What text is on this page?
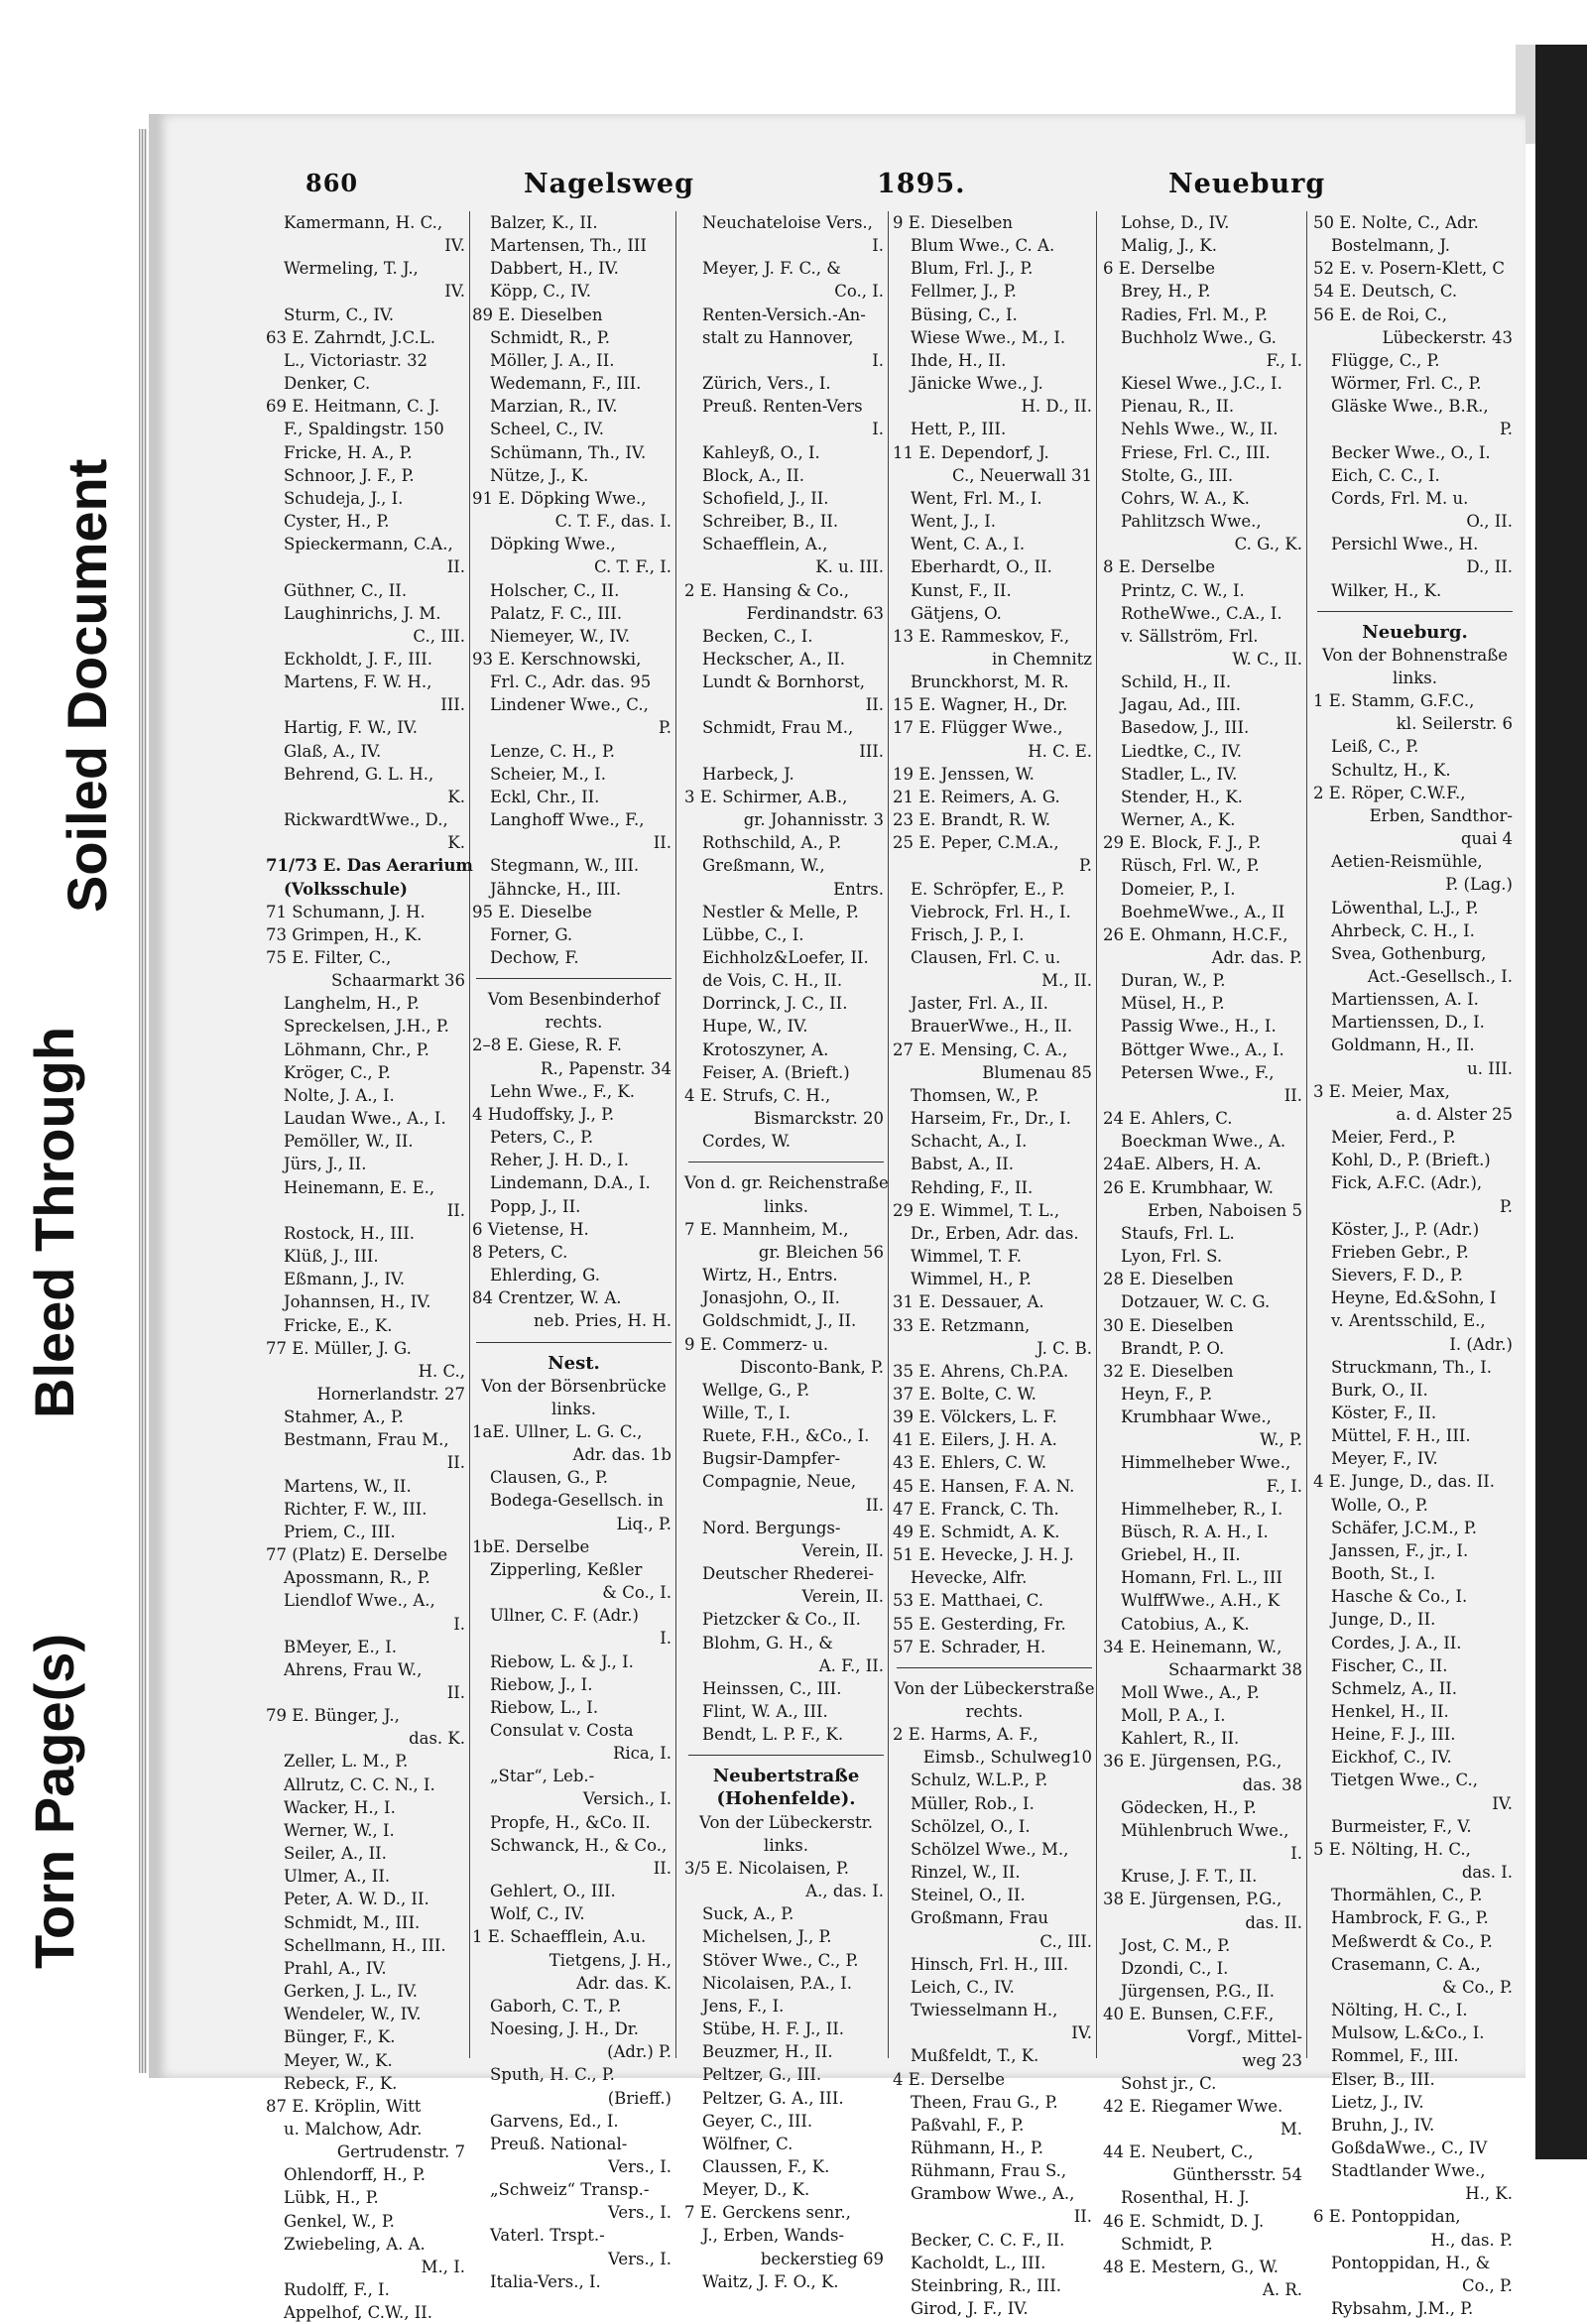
Torn Page(s)
Bleed Through
Soiled Document
860	Nagelsweg	1895.	Neueburg
Kamermann, H. C.,
IV.
Wermeling, T. J.,
IV.
Sturm, C., IV.
63 E. Zahrndt, J.C.L.
L., Victoriastr. 32
Denker, C.
69 E. Heitmann, C. J.
F., Spaldingstr. 150
Fricke, H. A., P.
Schnoor, J. F., P.
Schudeja, J., I.
Cyster, H., P.
Spieckermann, C.A.,
II.
Güthner, C., II.
Laughinrichs, J. M.
C., III.
Eckholdt, J. F., III.
Martens, F. W. H.,
III.
Hartig, F. W., IV.
Glaß, A., IV.
Behrend, G. L. H.,
K.
RickwardtWwe., D.,
K.
71/73 E. Das Aerarium
(Volksschule)
71 Schumann, J. H.
73 Grimpen, H., K.
75 E. Filter, C.,
Schaarmarkt 36
Langhelm, H., P.
Spreckelsen, J.H., P.
Löhmann, Chr., P.
Kröger, C., P.
Nolte, J. A., I.
Laudan Wwe., A., I.
Pemöller, W., II.
Jürs, J., II.
Heinemann, E. E.,
II.
Rostock, H., III.
Klüß, J., III.
Eßmann, J., IV.
Johannsen, H., IV.
Fricke, E., K.
77 E. Müller, J. G.
H. C.,
Hornerlandstr. 27
Stahmer, A., P.
Bestmann, Frau M.,
II.
Martens, W., II.
Richter, F. W., III.
Priem, C., III.
77 (Platz) E. Derselbe
Apossmann, R., P.
Liendlof Wwe., A.,
I.
BMeyer, E., I.
Ahrens, Frau W.,
II.
79 E. Bünger, J.,
das. K.
Zeller, L. M., P.
Allrutz, C. C. N., I.
Wacker, H., I.
Werner, W., I.
Seiler, A., II.
Ulmer, A., II.
Peter, A. W. D., II.
Schmidt, M., III.
Schellmann, H., III.
Prahl, A., IV.
Gerken, J. L., IV.
Wendeler, W., IV.
Bünger, F., K.
Meyer, W., K.
Rebeck, F., K.
87 E. Kröplin, Witt
u. Malchow, Adr.
Gertrudenstr. 7
Ohlendorff, H., P.
Lübk, H., P.
Genkel, W., P.
Zwiebeling, A. A.
M., I.
Rudolff, F., I.
Appelhof, C.W., II.
Balzer, K., II.
Martensen, Th., III
Dabbert, H., IV.
Köpp, C., IV.
89 E. Dieselben
Schmidt, R., P.
Möller, J. A., II.
Wedemann, F., III.
Marzian, R., IV.
Scheel, C., IV.
Schümann, Th., IV.
Nütze, J., K.
91 E. Döpking Wwe.,
C. T. F., das. I.
Döpking Wwe.,
C. T. F., I.
Holscher, C., II.
Palatz, F. C., III.
Niemeyer, W., IV.
93 E. Kerschnowski,
Frl. C., Adr. das. 95
Lindener Wwe., C.,
P.
Lenze, C. H., P.
Scheier, M., I.
Eckl, Chr., II.
Langhoff Wwe., F.,
II.
Stegmann, W., III.
Jähncke, H., III.
95 E. Dieselbe
Forner, G.
Dechow, F.
Vom Besenbinderhof
rechts.
2–8 E. Giese, R. F.
R., Papenstr. 34
Lehn Wwe., F., K.
4 Hudoffsky, J., P.
Peters, C., P.
Reher, J. H. D., I.
Lindemann, D.A., I.
Popp, J., II.
6 Vietense, H.
8 Peters, C.
Ehlerding, G.
84 Crentzer, W. A.
neb. Pries, H. H.
Nest.
Von der Börsenbrücke
links.
1aE. Ullner, L. G. C.,
Adr. das. 1b
Clausen, G., P.
Bodega-Gesellsch. in
Liq., P.
1bE. Derselbe
Zipperling, Keßler
& Co., I.
Ullner, C. F. (Adr.)
I.
Riebow, L. & J., I.
Riebow, J., I.
Riebow, L., I.
Consulat v. Costa
Rica, I.
„Star“, Leb.-
Versich., I.
Propfe, H., &Co. II.
Schwanck, H., & Co.,
II.
Gehlert, O., III.
Wolf, C., IV.
1 E. Schaefflein, A.u.
Tietgens, J. H.,
Adr. das. K.
Gaborh, C. T., P.
Noesing, J. H., Dr.
(Adr.) P.
Sputh, H. C., P.
(Brieff.)
Garvens, Ed., I.
Preuß. National-
Vers., I.
„Schweiz“ Transp.-
Vers., I.
Vaterl. Trspt.-
Vers., I.
Italia-Vers., I.
Neuchateloise Vers.,
I.
Meyer, J. F. C., &
Co., I.
Renten-Versich.-An-
stalt zu Hannover,
I.
Zürich, Vers., I.
Preuß. Renten-Vers
I.
Kahleyß, O., I.
Block, A., II.
Schofield, J., II.
Schreiber, B., II.
Schaefflein, A.,
K. u. III.
2 E. Hansing & Co.,
Ferdinandstr. 63
Becken, C., I.
Heckscher, A., II.
Lundt & Bornhorst,
II.
Schmidt, Frau M.,
III.
Harbeck, J.
3 E. Schirmer, A.B.,
gr. Johannisstr. 3
Rothschild, A., P.
Greßmann, W.,
Entrs.
Nestler & Melle, P.
Lübbe, C., I.
Eichholz&Loefer, II.
de Vois, C. H., II.
Dorrinck, J. C., II.
Hupe, W., IV.
Krotoszyner, A.
Feiser, A. (Brieft.)
4 E. Strufs, C. H.,
Bismarckstr. 20
Cordes, W.
Von d. gr. Reichenstraße
links.
7 E. Mannheim, M.,
gr. Bleichen 56
Wirtz, H., Entrs.
Jonasjohn, O., II.
Goldschmidt, J., II.
9 E. Commerz- u.
Disconto-Bank, P.
Wellge, G., P.
Wille, T., I.
Ruete, F.H., &Co., I.
Bugsir-Dampfer-
Compagnie, Neue,
II.
Nord. Bergungs-
Verein, II.
Deutscher Rhederei-
Verein, II.
Pietzcker & Co., II.
Blohm, G. H., &
A. F., II.
Heinssen, C., III.
Flint, W. A., III.
Bendt, L. P. F., K.
Neubertstraße
(Hohenfelde).
Von der Lübeckerstr.
links.
3/5 E. Nicolaisen, P.
A., das. I.
Suck, A., P.
Michelsen, J., P.
Stöver Wwe., C., P.
Nicolaisen, P.A., I.
Jens, F., I.
Stübe, H. F. J., II.
Beuzmer, H., II.
Peltzer, G., III.
Peltzer, G. A., III.
Geyer, C., III.
Wölfner, C.
Claussen, F., K.
Meyer, D., K.
7 E. Gerckens senr.,
J., Erben, Wands-
beckerstieg 69
Waitz, J. F. O., K.
9 E. Dieselben
Blum Wwe., C. A.
Blum, Frl. J., P.
Fellmer, J., P.
Büsing, C., I.
Wiese Wwe., M., I.
Ihde, H., II.
Jänicke Wwe., J.
H. D., II.
Hett, P., III.
11 E. Dependorf, J.
C., Neuerwall 31
Went, Frl. M., I.
Went, J., I.
Went, C. A., I.
Eberhardt, O., II.
Kunst, F., II.
Gätjens, O.
13 E. Rammeskov, F.,
in Chemnitz
Brunckhorst, M. R.
15 E. Wagner, H., Dr.
17 E. Flügger Wwe.,
H. C. E.
19 E. Jenssen, W.
21 E. Reimers, A. G.
23 E. Brandt, R. W.
25 E. Peper, C.M.A.,
P.
E. Schröpfer, E., P.
Viebrock, Frl. H., I.
Frisch, J. P., I.
Clausen, Frl. C. u.
M., II.
Jaster, Frl. A., II.
BrauerWwe., H., II.
27 E. Mensing, C. A.,
Blumenau 85
Thomsen, W., P.
Harseim, Fr., Dr., I.
Schacht, A., I.
Babst, A., II.
Rehding, F., II.
29 E. Wimmel, T. L.,
Dr., Erben, Adr. das.
Wimmel, T. F.
Wimmel, H., P.
31 E. Dessauer, A.
33 E. Retzmann,
J. C. B.
35 E. Ahrens, Ch.P.A.
37 E. Bolte, C. W.
39 E. Völckers, L. F.
41 E. Eilers, J. H. A.
43 E. Ehlers, C. W.
45 E. Hansen, F. A. N.
47 E. Franck, C. Th.
49 E. Schmidt, A. K.
51 E. Hevecke, J. H. J.
Hevecke, Alfr.
53 E. Matthaei, C.
55 E. Gesterding, Fr.
57 E. Schrader, H.
Von der Lübeckerstraße
rechts.
2 E. Harms, A. F.,
Eimsb., Schulweg10
Schulz, W.L.P., P.
Müller, Rob., I.
Schölzel, O., I.
Schölzel Wwe., M.,
Rinzel, W., II.
Steinel, O., II.
Großmann, Frau
C., III.
Hinsch, Frl. H., III.
Leich, C., IV.
Twiesselmann H.,
IV.
Mußfeldt, T., K.
4 E. Derselbe
Theen, Frau G., P.
Paßvahl, F., P.
Rühmann, H., P.
Rühmann, Frau S.,
Grambow Wwe., A.,
II.
Becker, C. C. F., II.
Kacholdt, L., III.
Steinbring, R., III.
Girod, J. F., IV.
Lohse, D., IV.
Malig, J., K.
6 E. Derselbe
Brey, H., P.
Radies, Frl. M., P.
Buchholz Wwe., G.
F., I.
Kiesel Wwe., J.C., I.
Pienau, R., II.
Nehls Wwe., W., II.
Friese, Frl. C., III.
Stolte, G., III.
Cohrs, W. A., K.
Pahlitzsch Wwe.,
C. G., K.
8 E. Derselbe
Printz, C. W., I.
RotheWwe., C.A., I.
v. Sällström, Frl.
W. C., II.
Schild, H., II.
Jagau, Ad., III.
Basedow, J., III.
Liedtke, C., IV.
Stadler, L., IV.
Stender, H., K.
Werner, A., K.
29 E. Block, F. J., P.
Rüsch, Frl. W., P.
Domeier, P., I.
BoehmeWwe., A., II
26 E. Ohmann, H.C.F.,
Adr. das. P.
Duran, W., P.
Müsel, H., P.
Passig Wwe., H., I.
Böttger Wwe., A., I.
Petersen Wwe., F.,
II.
24 E. Ahlers, C.
Boeckman Wwe., A.
24aE. Albers, H. A.
26 E. Krumbhaar, W.
Erben, Naboisen 5
Staufs, Frl. L.
Lyon, Frl. S.
28 E. Dieselben
Dotzauer, W. C. G.
30 E. Dieselben
Brandt, P. O.
32 E. Dieselben
Heyn, F., P.
Krumbhaar Wwe.,
W., P.
Himmelheber Wwe.,
F., I.
Himmelheber, R., I.
Büsch, R. A. H., I.
Griebel, H., II.
Homann, Frl. L., III
WulffWwe., A.H., K
Catobius, A., K.
34 E. Heinemann, W.,
Schaarmarkt 38
Moll Wwe., A., P.
Moll, P. A., I.
Kahlert, R., II.
36 E. Jürgensen, P.G.,
das. 38
Gödecken, H., P.
Mühlenbruch Wwe.,
I.
Kruse, J. F. T., II.
38 E. Jürgensen, P.G.,
das. II.
Jost, C. M., P.
Dzondi, C., I.
Jürgensen, P.G., II.
40 E. Bunsen, C.F.F.,
Vorgf., Mittel-
weg 23
Sohst jr., C.
42 E. Riegamer Wwe.
M.
44 E. Neubert, C.,
Günthersstr. 54
Rosenthal, H. J.
46 E. Schmidt, D. J.
Schmidt, P.
48 E. Mestern, G., W.
A. R.
50 E. Nolte, C., Adr.
Bostelmann, J.
52 E. v. Posern-Klett, C
54 E. Deutsch, C.
56 E. de Roi, C.,
Lübeckerstr. 43
Flügge, C., P.
Wörmer, Frl. C., P.
Gläske Wwe., B.R.,
P.
Becker Wwe., O., I.
Eich, C. C., I.
Cords, Frl. M. u.
O., II.
Persichl Wwe., H.
D., II.
Wilker, H., K.
Neueburg.
Von der Bohnenstraße
links.
1 E. Stamm, G.F.C.,
kl. Seilerstr. 6
Leiß, C., P.
Schultz, H., K.
2 E. Röper, C.W.F.,
Erben, Sandthor-
quai 4
Aetien-Reismühle,
P. (Lag.)
Löwenthal, L.J., P.
Ahrbeck, C. H., I.
Svea, Gothenburg,
Act.-Gesellsch., I.
Martienssen, A. I.
Martienssen, D., I.
Goldmann, H., II.
u. III.
3 E. Meier, Max,
a. d. Alster 25
Meier, Ferd., P.
Kohl, D., P. (Brieft.)
Fick, A.F.C. (Adr.),
P.
Köster, J., P. (Adr.)
Frieben Gebr., P.
Sievers, F. D., P.
Heyne, Ed.&Sohn, I
v. Arentsschild, E.,
I. (Adr.)
Struckmann, Th., I.
Burk, O., II.
Köster, F., II.
Müttel, F. H., III.
Meyer, F., IV.
4 E. Junge, D., das. II.
Wolle, O., P.
Schäfer, J.C.M., P.
Janssen, F., jr., I.
Booth, St., I.
Hasche & Co., I.
Junge, D., II.
Cordes, J. A., II.
Fischer, C., II.
Schmelz, A., II.
Henkel, H., II.
Heine, F. J., III.
Eickhof, C., IV.
Tietgen Wwe., C.,
IV.
Burmeister, F., V.
5 E. Nölting, H. C.,
das. I.
Thormählen, C., P.
Hambrock, F. G., P.
Meßwerdt & Co., P.
Crasemann, C. A.,
& Co., P.
Nölting, H. C., I.
Mulsow, L.&Co., I.
Rommel, F., III.
Elser, B., III.
Lietz, J., IV.
Bruhn, J., IV.
GoßdaWwe., C., IV
Stadtlander Wwe.,
H., K.
6 E. Pontoppidan,
H., das. P.
Pontoppidan, H., &
Co., P.
Rybsahm, J.M., P.
